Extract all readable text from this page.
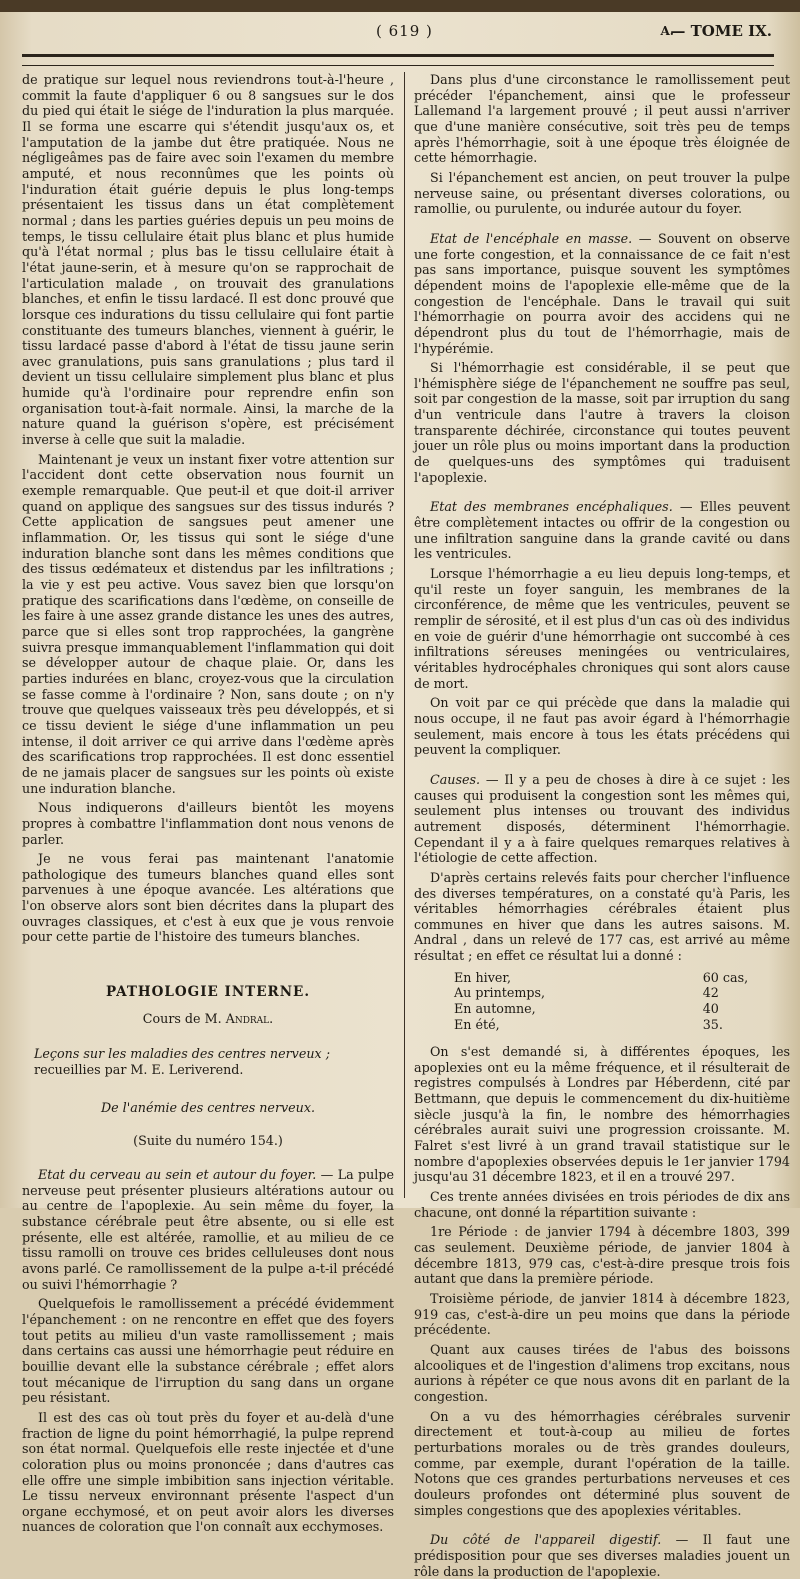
( 619 )	A.
— TOME IX.

de pratique sur lequel nous reviendrons tout-à-l'heure , commit la faute d'appliquer 6 ou 8 sangsues sur le dos du pied qui était le siége de l'induration la plus marquée. Il se forma une escarre qui s'étendit jusqu'aux os, et l'amputation de la jambe dut être pratiquée. Nous ne négligeâmes pas de faire avec soin l'examen du membre amputé, et nous reconnûmes que les points où l'induration était guérie depuis le plus long-temps présentaient les tissus dans un état complètement normal ; dans les parties guéries depuis un peu moins de temps, le tissu cellulaire était plus blanc et plus humide qu'à l'état normal ; plus bas le tissu cellulaire était à l'état jaune-serin, et à mesure qu'on se rapprochait de l'articulation malade , on trouvait des granulations blanches, et enfin le tissu lardacé. Il est donc prouvé que lorsque ces indurations du tissu cellulaire qui font partie constituante des tumeurs blanches, viennent à guérir, le tissu lardacé passe d'abord à l'état de tissu jaune serin avec granulations, puis sans granulations ; plus tard il devient un tissu cellulaire simplement plus blanc et plus humide qu'à l'ordinaire pour reprendre enfin son organisation tout-à-fait normale. Ainsi, la marche de la nature quand la guérison s'opère, est précisément inverse à celle que suit la maladie.

Maintenant je veux un instant fixer votre attention sur l'accident dont cette observation nous fournit un exemple remarquable. Que peut-il et que doit-il arriver quand on applique des sangsues sur des tissus indurés ? Cette application de sangsues peut amener une inflammation. Or, les tissus qui sont le siége d'une induration blanche sont dans les mêmes conditions que des tissus œdémateux et distendus par les infiltrations ; la vie y est peu active. Vous savez bien que lorsqu'on pratique des scarifications dans l'œdème, on conseille de les faire à une assez grande distance les unes des autres, parce que si elles sont trop rapprochées, la gangrène suivra presque immanquablement l'inflammation qui doit se développer autour de chaque plaie. Or, dans les parties indurées en blanc, croyez-vous que la circulation se fasse comme à l'ordinaire ? Non, sans doute ; on n'y trouve que quelques vaisseaux très peu développés, et si ce tissu devient le siége d'une inflammation un peu intense, il doit arriver ce qui arrive dans l'œdème après des scarifications trop rapprochées. Il est donc essentiel de ne jamais placer de sangsues sur les points où existe une induration blanche.

Nous indiquerons d'ailleurs bientôt les moyens propres à combattre l'inflammation dont nous venons de parler.

Je ne vous ferai pas maintenant l'anatomie pathologique des tumeurs blanches quand elles sont parvenues à une époque avancée. Les altérations que l'on observe alors sont bien décrites dans la plupart des ouvrages classiques, et c'est à eux que je vous renvoie pour cette partie de l'histoire des tumeurs blanches.

PATHOLOGIE INTERNE.
Cours de M. Andral.
Leçons sur les maladies des centres nerveux ; recueillies par M. E. Leriverend.
De l'anémie des centres nerveux.
(Suite du numéro 154.)

Etat du cerveau au sein et autour du foyer. — La pulpe nerveuse peut présenter plusieurs altérations autour ou au centre de l'apoplexie. Au sein même du foyer, la substance cérébrale peut être absente, ou si elle est présente, elle est altérée, ramollie, et au milieu de ce tissu ramolli on trouve ces brides celluleuses dont nous avons parlé. Ce ramollissement de la pulpe a-t-il précédé ou suivi l'hémorrhagie ?

Quelquefois le ramollissement a précédé évidemment l'épanchement : on ne rencontre en effet que des foyers tout petits au milieu d'un vaste ramollissement ; mais dans certains cas aussi une hémorrhagie peut réduire en bouillie devant elle la substance cérébrale ; effet alors tout mécanique de l'irruption du sang dans un organe peu résistant.

Il est des cas où tout près du foyer et au-delà d'une fraction de ligne du point hémorrhagié, la pulpe reprend son état normal. Quelquefois elle reste injectée et d'une coloration plus ou moins prononcée ; dans d'autres cas elle offre une simple imbibition sans injection véritable. Le tissu nerveux environnant présente l'aspect d'un organe ecchymosé, et on peut avoir alors les diverses nuances de coloration que l'on connaît aux ecchymoses.

Dans plus d'une circonstance le ramollissement peut précéder l'épanchement, ainsi que le professeur Lallemand l'a largement prouvé ; il peut aussi n'arriver que d'une manière consécutive, soit très peu de temps après l'hémorrhagie, soit à une époque très éloignée de cette hémorrhagie.

Si l'épanchement est ancien, on peut trouver la pulpe nerveuse saine, ou présentant diverses colorations, ou ramollie, ou purulente, ou indurée autour du foyer.

Etat de l'encéphale en masse. — Souvent on observe une forte congestion, et la connaissance de ce fait n'est pas sans importance, puisque souvent les symptômes dépendent moins de l'apoplexie elle-même que de la congestion de l'encéphale. Dans le travail qui suit l'hémorrhagie on pourra avoir des accidens qui ne dépendront plus du tout de l'hémorrhagie, mais de l'hypérémie.

Si l'hémorrhagie est considérable, il se peut que l'hémisphère siége de l'épanchement ne souffre pas seul, soit par congestion de la masse, soit par irruption du sang d'un ventricule dans l'autre à travers la cloison transparente déchirée, circonstance qui toutes peuvent jouer un rôle plus ou moins important dans la production de quelques-uns des symptômes qui traduisent l'apoplexie.

Etat des membranes encéphaliques. — Elles peuvent être complètement intactes ou offrir de la congestion ou une infiltration sanguine dans la grande cavité ou dans les ventricules.

Lorsque l'hémorrhagie a eu lieu depuis long-temps, et qu'il reste un foyer sanguin, les membranes de la circonférence, de même que les ventricules, peuvent se remplir de sérosité, et il est plus d'un cas où des individus en voie de guérir d'une hémorrhagie ont succombé à ces infiltrations séreuses meningées ou ventriculaires, véritables hydrocéphales chroniques qui sont alors cause de mort.

On voit par ce qui précède que dans la maladie qui nous occupe, il ne faut pas avoir égard à l'hémorrhagie seulement, mais encore à tous les états précédens qui peuvent la compliquer.

Causes. — Il y a peu de choses à dire à ce sujet : les causes qui produisent la congestion sont les mêmes qui, seulement plus intenses ou trouvant des individus autrement disposés, déterminent l'hémorrhagie. Cependant il y a à faire quelques remarques relatives à l'étiologie de cette affection.

D'après certains relevés faits pour chercher l'influence des diverses températures, on a constaté qu'à Paris, les véritables hémorrhagies cérébrales étaient plus communes en hiver que dans les autres saisons. M. Andral , dans un relevé de 177 cas, est arrivé au même résultat ; en effet ce résultat lui a donné :

En hiver,	60 cas,
Au printemps,	42
En automne,	40
En été,	35.

On s'est demandé si, à différentes époques, les apoplexies ont eu la même fréquence, et il résulterait de registres compulsés à Londres par Héberdenn, cité par Bettmann, que depuis le commencement du dix-huitième siècle jusqu'à la fin, le nombre des hémorrhagies cérébrales aurait suivi une progression croissante. M. Falret s'est livré à un grand travail statistique sur le nombre d'apoplexies observées depuis le 1er janvier 1794 jusqu'au 31 décembre 1823, et il en a trouvé 297.

Ces trente années divisées en trois périodes de dix ans chacune, ont donné la répartition suivante :

1re Période : de janvier 1794 à décembre 1803, 399 cas seulement. Deuxième période, de janvier 1804 à décembre 1813, 979 cas, c'est-à-dire presque trois fois autant que dans la première période.

Troisième période, de janvier 1814 à décembre 1823, 919 cas, c'est-à-dire un peu moins que dans la période précédente.

Quant aux causes tirées de l'abus des boissons alcooliques et de l'ingestion d'alimens trop excitans, nous aurions à répéter ce que nous avons dit en parlant de la congestion.

On a vu des hémorrhagies cérébrales survenir directement et tout-à-coup au milieu de fortes perturbations morales ou de très grandes douleurs, comme, par exemple, durant l'opération de la taille. Notons que ces grandes perturbations nerveuses et ces douleurs profondes ont déterminé plus souvent de simples congestions que des apoplexies véritables.

Du côté de l'appareil digestif. — Il faut une prédisposition pour que ses diverses maladies jouent un rôle dans la production de l'apoplexie.
